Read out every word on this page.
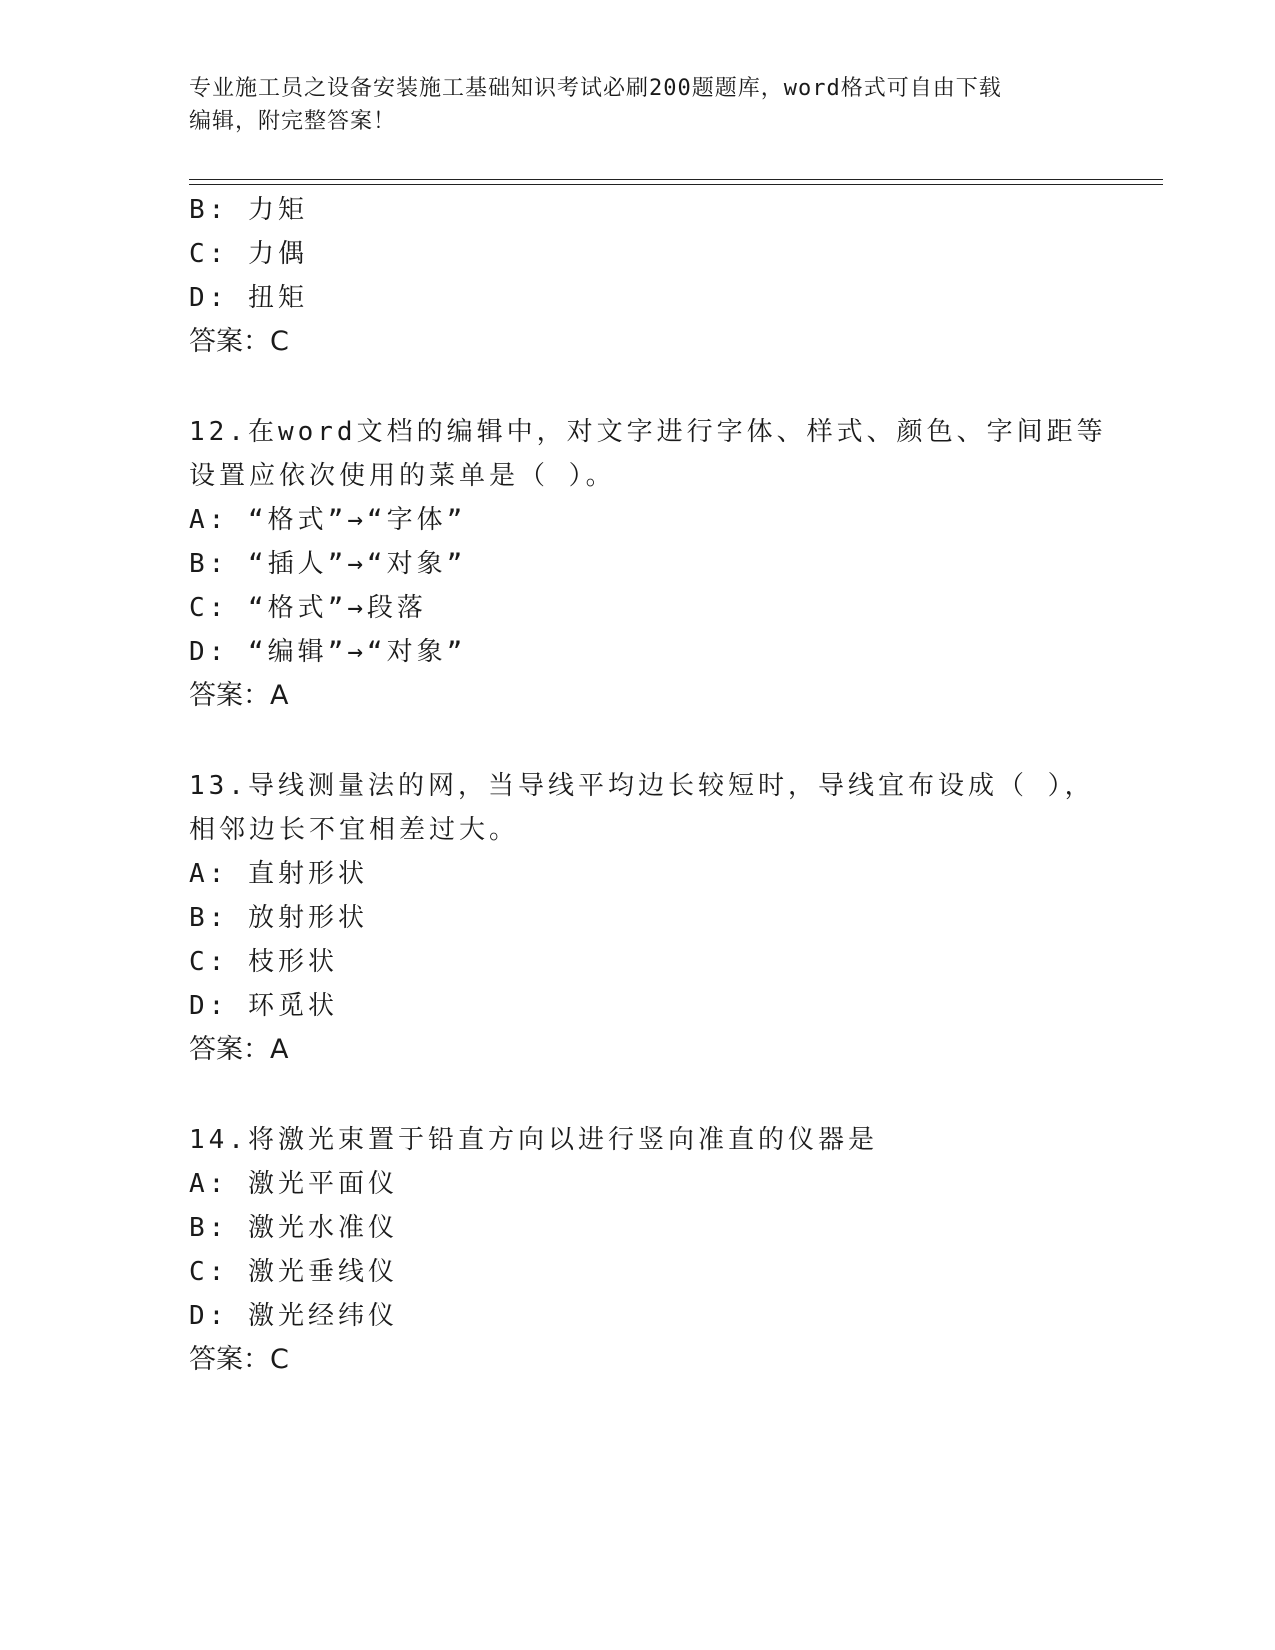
专业施工员之设备安装施工基础知识考试必刷200题题库，word格式可自由下载
编辑，附完整答案！
B: 力矩
C: 力偶
D: 扭矩
答案：C
12.在word文档的编辑中，对文字进行字体、样式、颜色、字间距等
设置应依次使用的菜单是（ ）。
A: “格式”→“字体”
B: “插人”→“对象”
C: “格式”→段落
D: “编辑”→“对象”
答案：A
13.导线测量法的网，当导线平均边长较短时，导线宜布设成（ ），
相邻边长不宜相差过大。
A: 直射形状
B: 放射形状
C: 枝形状
D: 环觅状
答案：A
14.将激光束置于铅直方向以进行竖向准直的仪器是
A: 激光平面仪
B: 激光水准仪
C: 激光垂线仪
D: 激光经纬仪
答案：C
